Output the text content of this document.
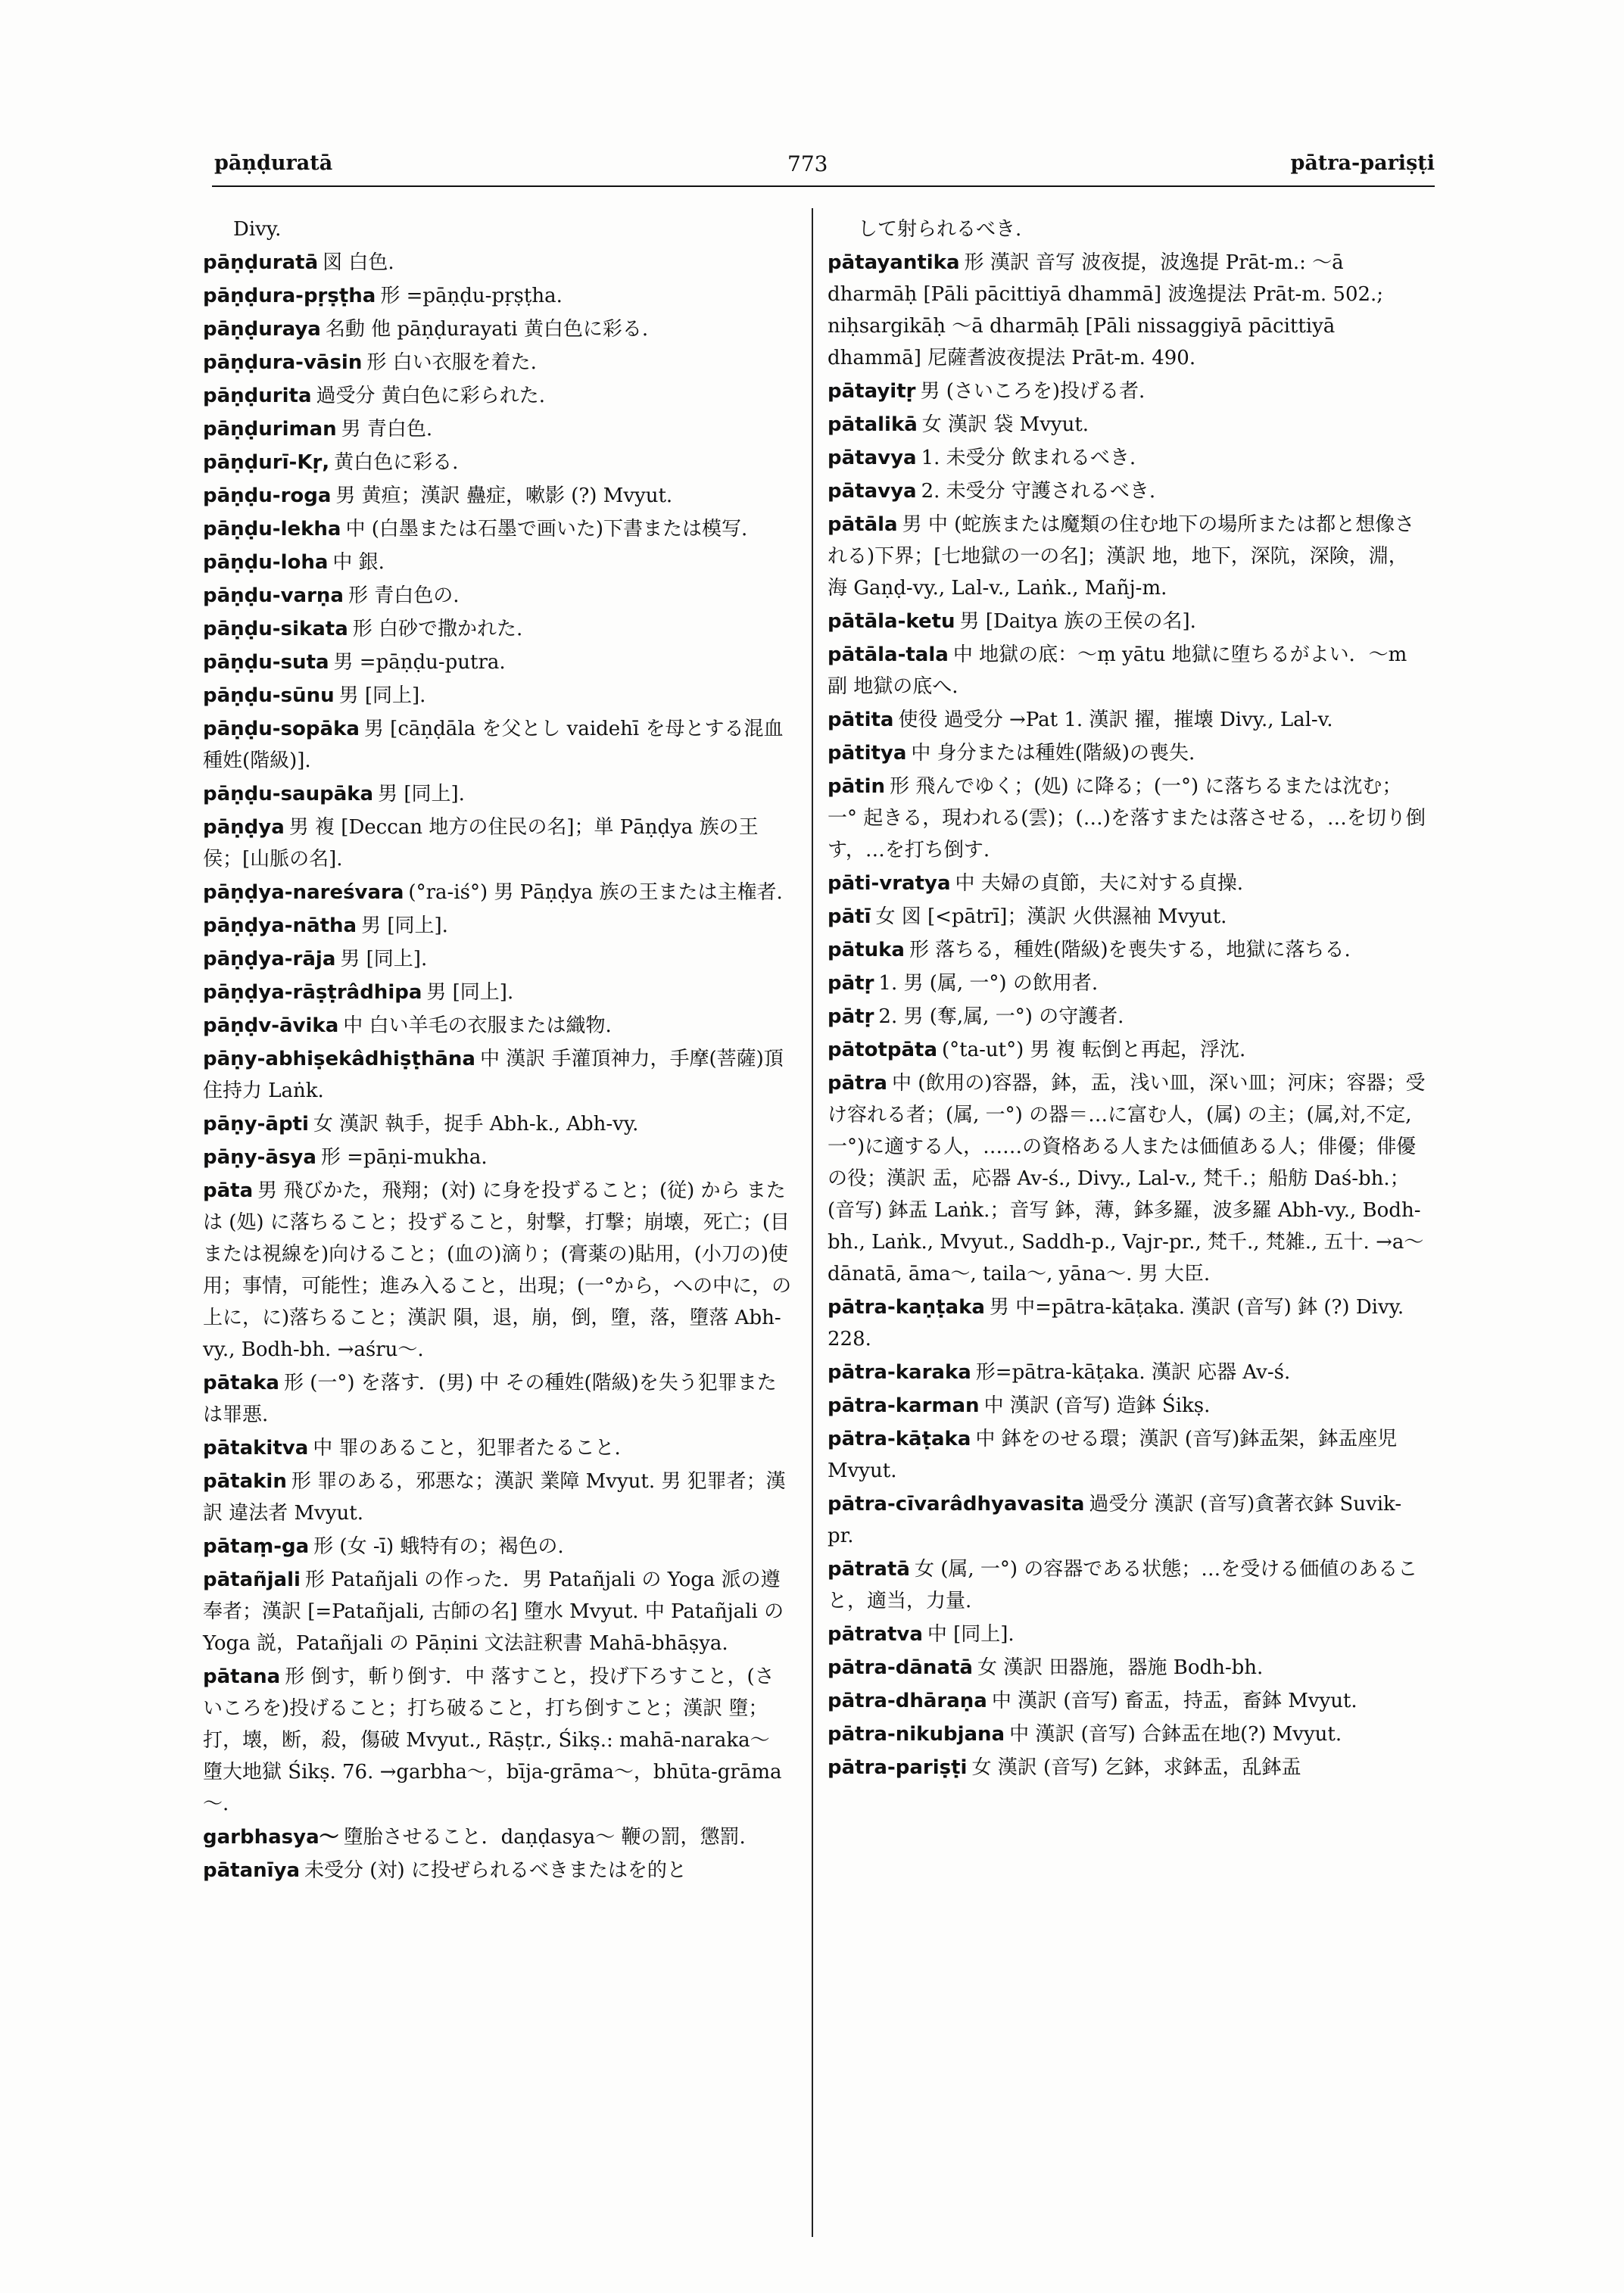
pāṇḍuratā	773	pātra-pariṣṭi
Divy.
pāṇḍuratā 図 白色.
pāṇḍura-pṛṣṭha 形 =pāṇḍu-pṛṣṭha.
pāṇḍuraya 名動 他 pāṇḍurayati 黄白色に彩る.
pāṇḍura-vāsin 形 白い衣服を着た.
pāṇḍurita 過受分 黄白色に彩られた.
pāṇḍuriman 男 青白色.
pāṇḍurī-Kṛ, 黄白色に彩る.
pāṇḍu-roga 男 黄疸；漢訳 蠱症，嗽影 (?) Mvyut.
pāṇḍu-lekha 中 (白墨または石墨で画いた)下書または模写.
pāṇḍu-loha 中 銀.
pāṇḍu-varṇa 形 青白色の.
pāṇḍu-sikata 形 白砂で撒かれた.
pāṇḍu-suta 男 =pāṇḍu-putra.
pāṇḍu-sūnu 男 [同上].
pāṇḍu-sopāka 男 [cāṇḍāla を父とし vaidehī を母とする混血種姓(階級)].
pāṇḍu-saupāka 男 [同上].
pāṇḍya 男 複 [Deccan 地方の住民の名]；単 Pāṇḍya 族の王侯；[山脈の名].
pāṇḍya-nareśvara (°ra-iś°) 男 Pāṇḍya 族の王または主権者.
pāṇḍya-nātha 男 [同上].
pāṇḍya-rāja 男 [同上].
pāṇḍya-rāṣṭrâdhipa 男 [同上].
pāṇḍv-āvika 中 白い羊毛の衣服または織物.
pāṇy-abhiṣekâdhiṣṭhāna 中 漢訳 手灌頂神力，手摩(菩薩)頂住持力 Laṅk.
pāṇy-āpti 女 漢訳 執手，捉手 Abh-k., Abh-vy.
pāṇy-āsya 形 =pāṇi-mukha.
pāta 男 飛びかた，飛翔；(対) に身を投ずること；(従) から または (処) に落ちること；投ずること，射撃，打撃；崩壊，死亡；(目または視線を)向けること；(血の)滴り；(膏薬の)貼用，(小刀の)使用；事情，可能性；進み入ること，出現；(一°から，への中に，の上に，に)落ちること；漢訳 隕，退，崩，倒，墮，落，墮落 Abh-vy., Bodh-bh. →aśru～.
pātaka 形 (一°) を落す．(男) 中 その種姓(階級)を失う犯罪または罪悪.
pātakitva 中 罪のあること，犯罪者たること.
pātakin 形 罪のある，邪悪な；漢訳 業障 Mvyut. 男 犯罪者；漢訳 違法者 Mvyut.
pātaṃ-ga 形 (女 -ī) 蛾特有の；褐色の.
pātañjali 形 Patañjali の作った．男 Patañjali の Yoga 派の遵奉者；漢訳 [=Patañjali, 古師の名] 墮水 Mvyut. 中 Patañjali の Yoga 説，Patañjali の Pāṇini 文法註釈書 Mahā-bhāṣya.
pātana 形 倒す，斬り倒す．中 落すこと，投げ下ろすこと，(さいころを)投げること；打ち破ること，打ち倒すこと；漢訳 墮；打，壊，断，殺，傷破 Mvyut., Rāṣṭr., Śikṣ.: mahā-naraka～ 墮大地獄 Śikṣ. 76. →garbha～，bīja-grāma～，bhūta-grāma～.
garbhasya～ 墮胎させること．daṇḍasya～ 鞭の罰，懲罰.
pātanīya 未受分 (対) に投ぜられるべきまたはを的と
して射られるべき.
pātayantika 形 漢訳 音写 波夜提，波逸提 Prāt-m.: ～ā dharmāḥ [Pāli pācittiyā dhammā] 波逸提法 Prāt-m. 502.; niḥsargikāḥ ～ā dharmāḥ [Pāli nissaggiyā pācittiyā dhammā] 尼薩耆波夜提法 Prāt-m. 490.
pātayitṛ 男 (さいころを)投げる者.
pātalikā 女 漢訳 袋 Mvyut.
pātavya 1. 未受分 飲まれるべき.
pātavya 2. 未受分 守護されるべき.
pātāla 男 中 (蛇族または魔類の住む地下の場所または都と想像される)下界；[七地獄の一の名]；漢訳 地，地下，深阬，深険，淵，海 Gaṇḍ-vy., Lal-v., Laṅk., Mañj-m.
pātāla-ketu 男 [Daitya 族の王侯の名].
pātāla-tala 中 地獄の底：～ṃ yātu 地獄に堕ちるがよい．～m 副 地獄の底へ.
pātita 使役 過受分 →Pat 1. 漢訳 擢，摧壊 Divy., Lal-v.
pātitya 中 身分または種姓(階級)の喪失.
pātin 形 飛んでゆく；(処) に降る；(一°) に落ちるまたは沈む；一° 起きる，現われる(雲)；(…)を落すまたは落させる，…を切り倒す，…を打ち倒す.
pāti-vratya 中 夫婦の貞節，夫に対する貞操.
pātī 女 図 [<pātrī]；漢訳 火供濕袖 Mvyut.
pātuka 形 落ちる，種姓(階級)を喪失する，地獄に落ちる.
pātṛ 1. 男 (属, 一°) の飲用者.
pātṛ 2. 男 (奪,属, 一°) の守護者.
pātotpāta (°ta-ut°) 男 複 転倒と再起，浮沈.
pātra 中 (飲用の)容器，鉢，盂，浅い皿，深い皿；河床；容器；受け容れる者；(属, 一°) の器＝…に富む人，(属) の主；(属,対,不定, 一°)に適する人，……の資格ある人または価値ある人；俳優；俳優の役；漢訳 盂，応器 Av-ś., Divy., Lal-v., 梵千.；船舫 Daś-bh.；(音写) 鉢盂 Laṅk.；音写 鉢，薄，鉢多羅，波多羅 Abh-vy., Bodh-bh., Laṅk., Mvyut., Saddh-p., Vajr-pr., 梵千., 梵雑., 五十. →a～dānatā, āma～, taila～, yāna～. 男 大臣.
pātra-kaṇṭaka 男 中=pātra-kāṭaka. 漢訳 (音写) 鉢 (?) Divy. 228.
pātra-karaka 形=pātra-kāṭaka. 漢訳 応器 Av-ś.
pātra-karman 中 漢訳 (音写) 造鉢 Śikṣ.
pātra-kāṭaka 中 鉢をのせる環；漢訳 (音写)鉢盂架，鉢盂座児 Mvyut.
pātra-cīvarâdhyavasita 過受分 漢訳 (音写)貪著衣鉢 Suvik-pr.
pātratā 女 (属, 一°) の容器である状態；…を受ける価値のあること，適当，力量.
pātratva 中 [同上].
pātra-dānatā 女 漢訳 田器施，器施 Bodh-bh.
pātra-dhāraṇa 中 漢訳 (音写) 畜盂，持盂，畜鉢 Mvyut.
pātra-nikubjana 中 漢訳 (音写) 合鉢盂在地(?) Mvyut.
pātra-pariṣṭi 女 漢訳 (音写) 乞鉢，求鉢盂，乱鉢盂
